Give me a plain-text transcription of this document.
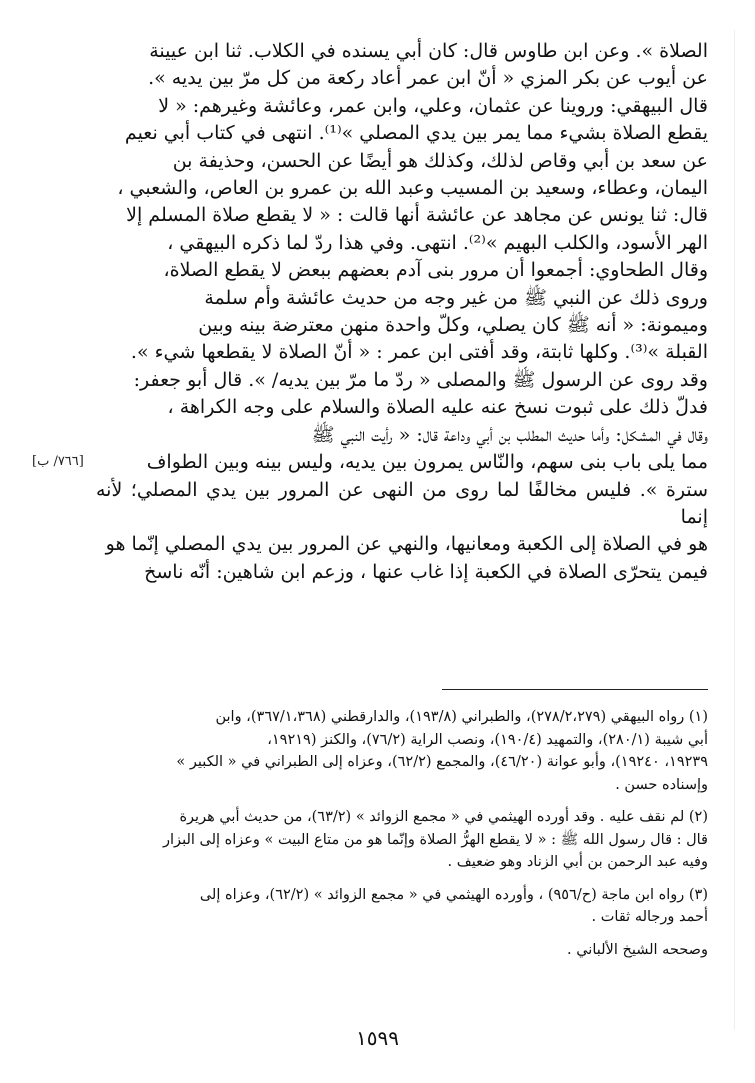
الصلاة ». وعن ابن طاوس قال: كان أبي يسنده في الكلاب. ثنا ابن عيينة

عن أيوب عن بكر المزي « أنّ ابن عمر أعاد ركعة من كل مرّ بين يديه ».

قال البيهقي: وروينا عن عثمان، وعلي، وابن عمر، وعائشة وغيرهم: « لا

يقطع الصلاة بشيء مما يمر بين يدي المصلي »⁽¹⁾. انتهى في كتاب أبي نعيم

عن سعد بن أبي وقاص لذلك، وكذلك هو أيضًا عن الحسن، وحذيفة بن

اليمان، وعطاء، وسعيد بن المسيب وعبد الله بن عمرو بن العاص، والشعبي ،

قال: ثنا يونس عن مجاهد عن عائشة أنها قالت : « لا يقطع صلاة المسلم إلا

الهر الأسود، والكلب البهيم »⁽²⁾. انتهى. وفي هذا ردّ لما ذكره البيهقي ،

وقال الطحاوي: أجمعوا أن مرور بنى آدم بعضهم ببعض لا يقطع الصلاة،

وروى ذلك عن النبي ﷺ من غير وجه من حديث عائشة وأم سلمة

وميمونة: « أنه ﷺ كان يصلي، وكلّ واحدة منهن معترضة بينه وبين

القبلة »⁽³⁾. وكلها ثابتة، وقد أفتى ابن عمر : « أنّ الصلاة لا يقطعها شيء ».

وقد روى عن الرسول ﷺ والمصلى « ردّ ما مرّ بين يديه/ ». قال أبو جعفر:

فدلّ ذلك على ثبوت نسخ عنه عليه الصلاة والسلام على وجه الكراهة ،

وقال في المشكل: وأما حديث المطلب بن أبي وداعة قال: « رأيت النبي ﷺ

مما يلى باب بنى سهم، والنّاس يمرون بين يديه، وليس بينه وبين الطواف

سترة ». فليس مخالفًا لما روى من النهى عن المرور بين يدي المصلي؛ لأنه إنما

هو في الصلاة إلى الكعبة ومعانيها، والنهي عن المرور بين يدي المصلي إنّما هو

فيمن يتحرّى الصلاة في الكعبة إذا غاب عنها ، وزعم ابن شاهين: أنّه ناسخ

[٧٦٦/ ب]

(١) رواه البيهقي (٢٧٨/٢،٢٧٩)، والطبراني (١٩٣/٨)، والدارقطني (٣٦٧/١،٣٦٨)، وابن

أبي شيبة (٢٨٠/١)، والتمهيد (١٩٠/٤)، ونصب الراية (٧٦/٢)، والكنز (١٩٢١٩،

١٩٢٣٩، ١٩٢٤٠)، وأبو عوانة (٤٦/٢٠)، والمجمع (٦٢/٢)، وعزاه إلى الطبراني في « الكبير »

وإسناده حسن .

(٢) لم نقف عليه . وقد أورده الهيثمي في « مجمع الزوائد » (٦٣/٢)، من حديث أبي هريرة

قال : قال رسول الله ﷺ : « لا يقطع الهرُّ الصلاة وإنّما هو من متاع البيت » وعزاه إلى البزار

وفيه عبد الرحمن بن أبي الزناد وهو ضعيف .

(٣) رواه ابن ماجة (ح/٩٥٦) ، وأورده الهيثمي في « مجمع الزوائد » (٦٢/٢)، وعزاه إلى

أحمد ورجاله ثقات .

وصححه الشيخ الألباني .

١٥٩٩
